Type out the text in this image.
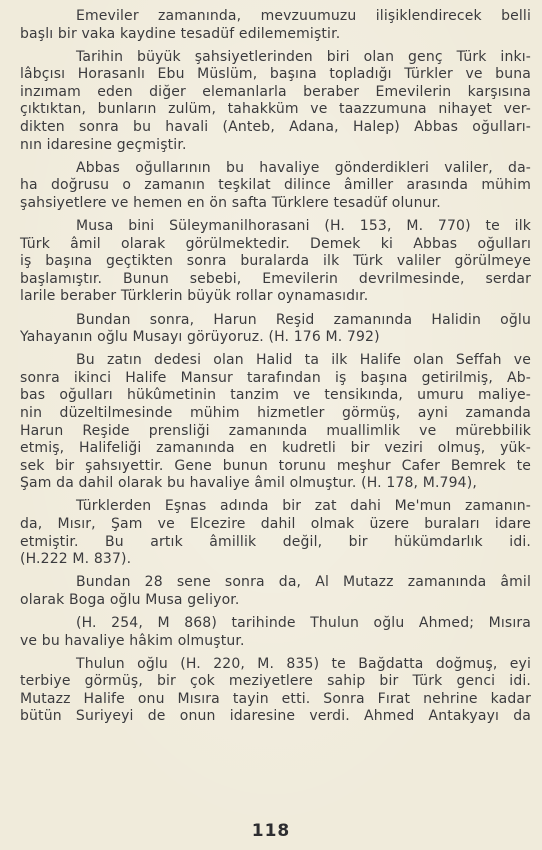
Emeviler zamanında, mevzuumuzu ilişiklendirecek belli
başlı bir vaka kaydine tesadüf edilememiştir.
Tarihin büyük şahsiyetlerinden biri olan genç Türk inkı-
lâbçısı Horasanlı Ebu Müslüm, başına topladığı Türkler ve buna
inzımam eden diğer elemanlarla beraber Emevilerin karşısına
çıktıktan, bunların zulüm, tahakküm ve taazzumuna nihayet ver-
dikten sonra bu havali (Anteb, Adana, Halep) Abbas oğulları-
nın idaresine geçmiştir.
Abbas oğullarının bu havaliye gönderdikleri valiler, da-
ha doğrusu o zamanın teşkilat dilince âmiller arasında mühim
şahsiyetlere ve hemen en ön safta Türklere tesadüf olunur.
Musa bini Süleymanilhorasani (H. 153, M. 770) te ilk
Türk âmil olarak görülmektedir. Demek ki Abbas oğulları
iş başına geçtikten sonra buralarda ilk Türk valiler görülmeye
başlamıştır. Bunun sebebi, Emevilerin devrilmesinde, serdar
larile beraber Türklerin büyük rollar oynamasıdır.
Bundan sonra, Harun Reşid zamanında Halidin oğlu
Yahayanın oğlu Musayı görüyoruz. (H. 176 M. 792)
Bu zatın dedesi olan Halid ta ilk Halife olan Seffah ve
sonra ikinci Halife Mansur tarafından iş başına getirilmiş, Ab-
bas oğulları hükûmetinin tanzim ve tensikında, umuru maliye-
nin düzeltilmesinde mühim hizmetler görmüş, ayni zamanda
Harun Reşide prensliği zamanında muallimlik ve mürebbilik
etmiş, Halifeliği zamanında en kudretli bir veziri olmuş, yük-
sek bir şahsıyettir. Gene bunun torunu meşhur Cafer Bemrek te
Şam da dahil olarak bu havaliye âmil olmuştur. (H. 178, M.794),
Türklerden Eşnas adında bir zat dahi Me'mun zamanın-
da, Mısır, Şam ve Elcezire dahil olmak üzere buraları idare
etmiştir. Bu artık âmillik değil, bir hükümdarlık idi.
(H.222 M. 837).
Bundan 28 sene sonra da, Al Mutazz zamanında âmil
olarak Boga oğlu Musa geliyor.
(H. 254, M 868) tarihinde Thulun oğlu Ahmed; Mısıra
ve bu havaliye hâkim olmuştur.
Thulun oğlu (H. 220, M. 835) te Bağdatta doğmuş, eyi
terbiye görmüş, bir çok meziyetlere sahip bir Türk genci idi.
Mutazz Halife onu Mısıra tayin etti. Sonra Fırat nehrine kadar
bütün Suriyeyi de onun idaresine verdi. Ahmed Antakyayı da
118
